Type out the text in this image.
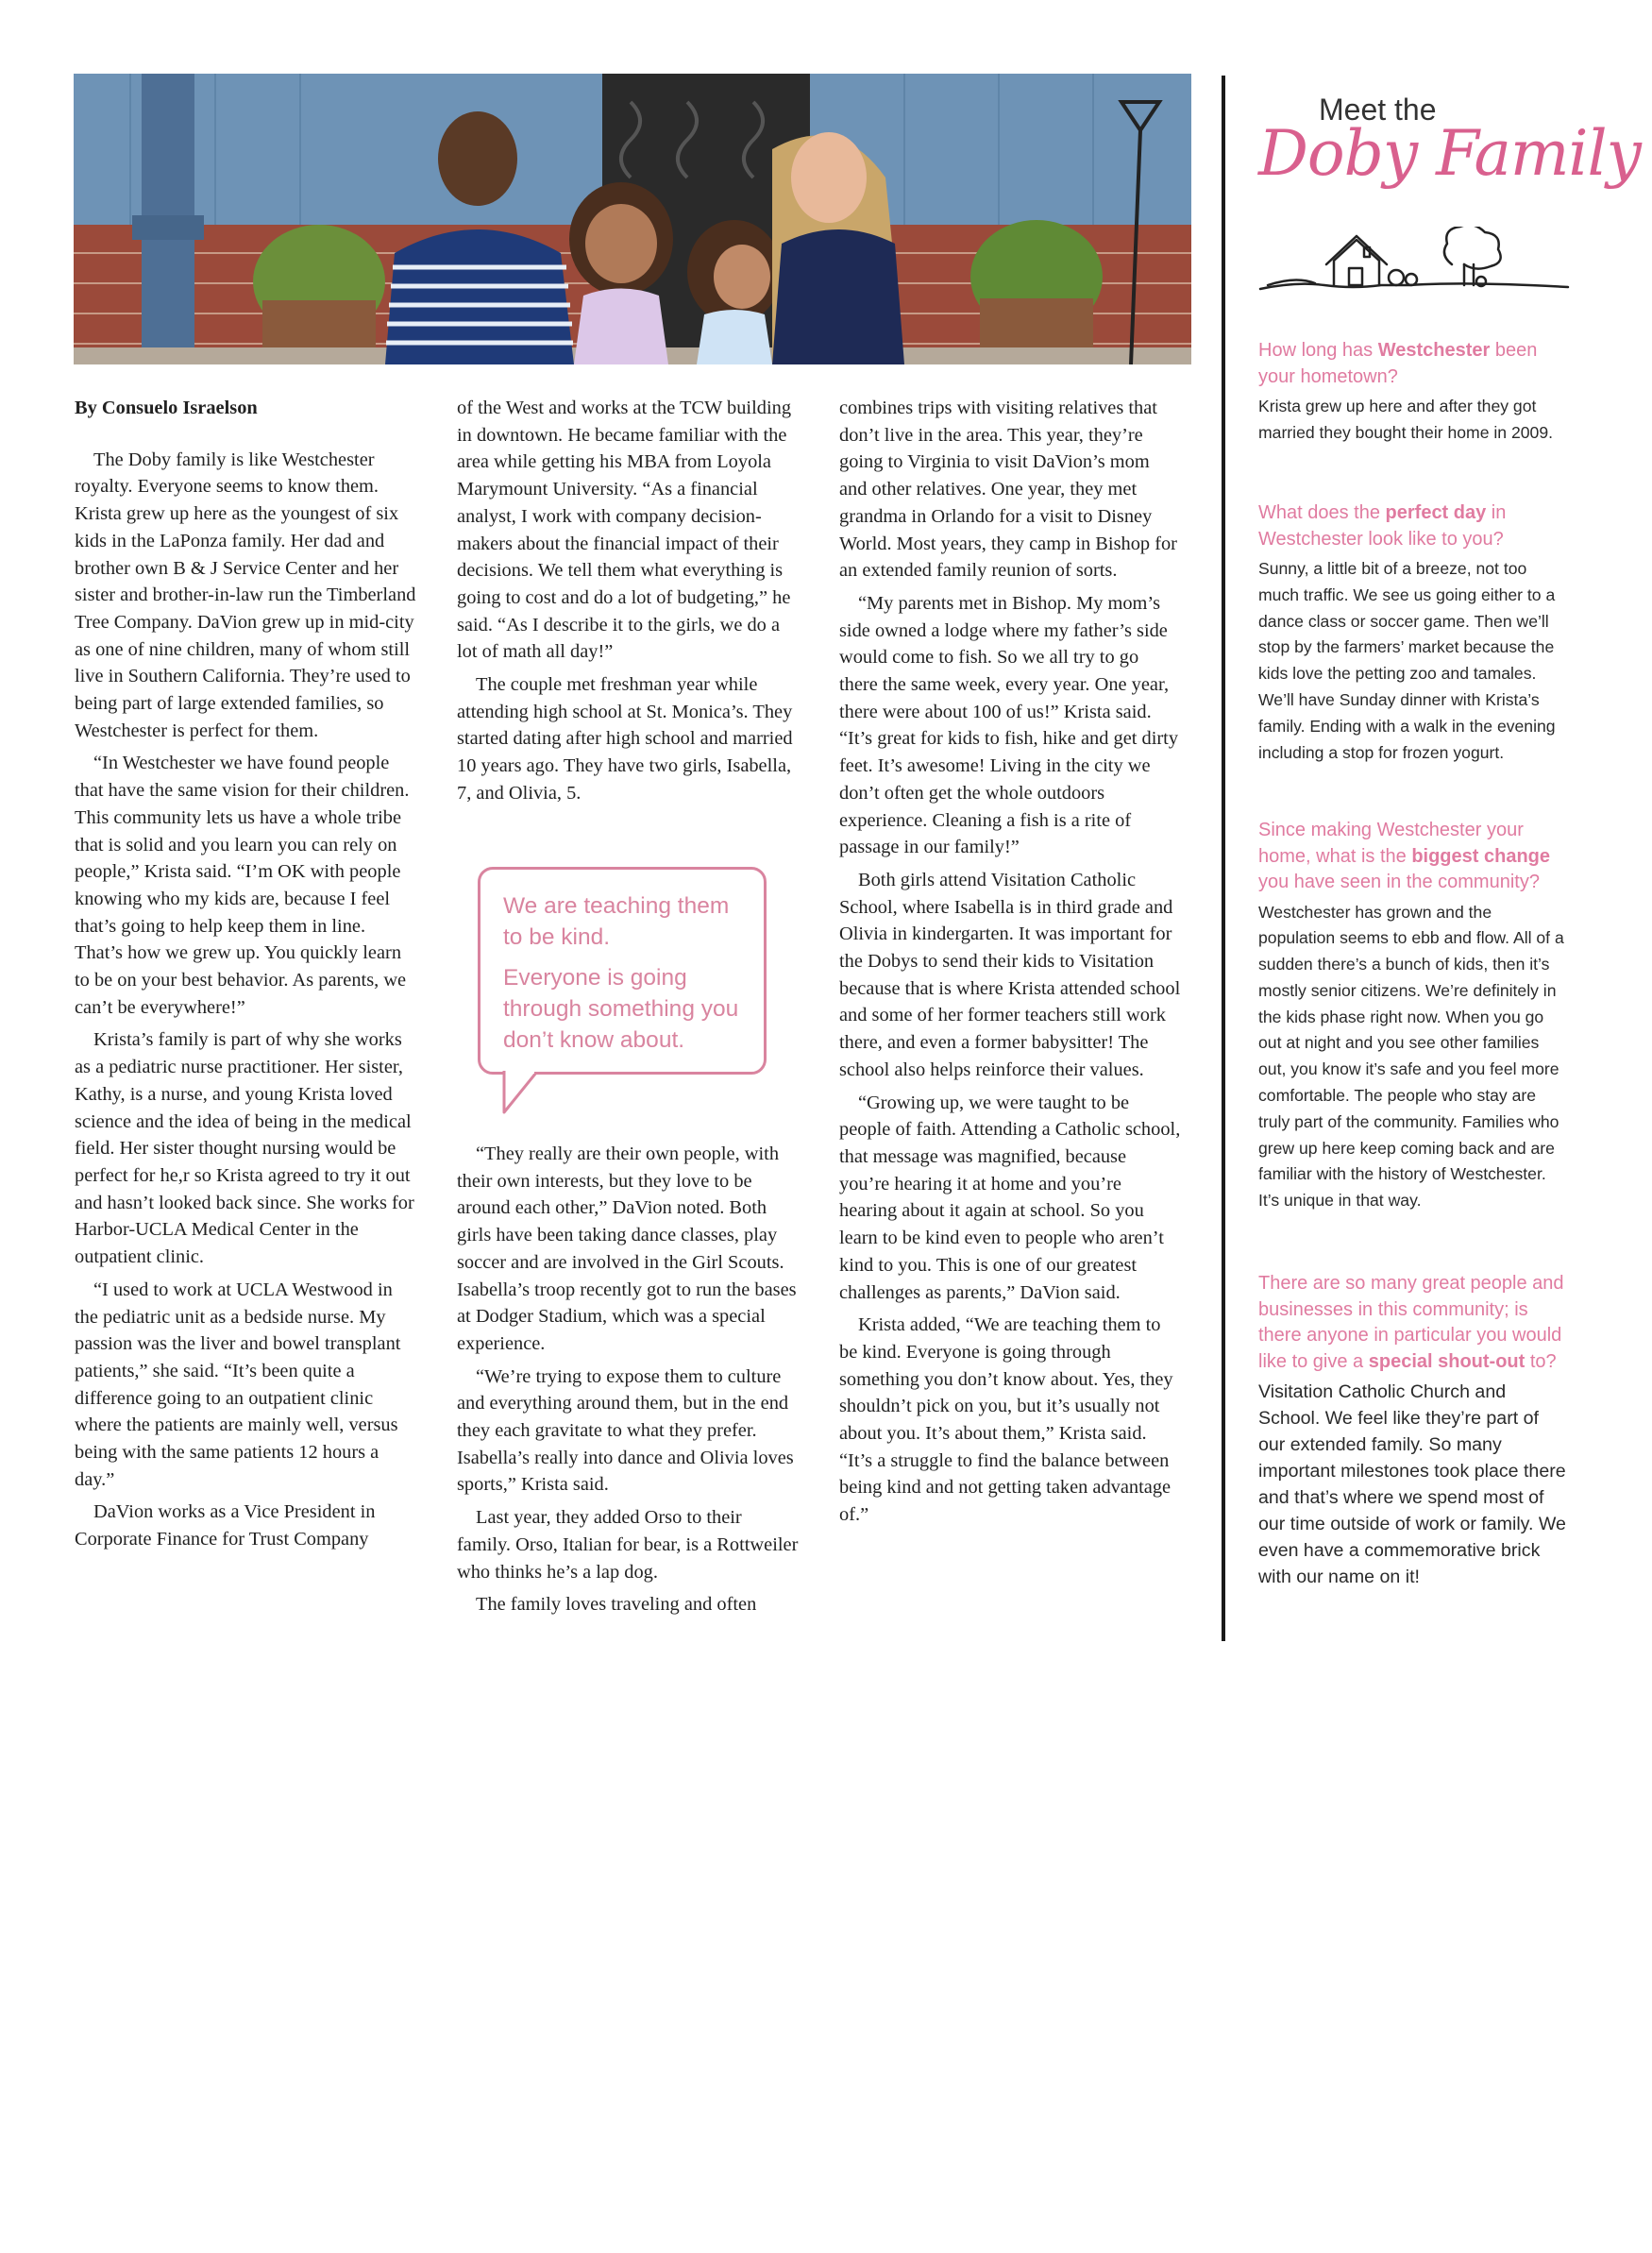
By Consuelo Israelson

The Doby family is like Westchester royalty. Everyone seems to know them. Krista grew up here as the youngest of six kids in the LaPonza family. Her dad and brother own B & J Service Center and her sister and brother-in-law run the Timberland Tree Company. DaVion grew up in mid-city as one of nine children, many of whom still live in Southern California. They’re used to being part of large extended families, so Westchester is perfect for them.

“In Westchester we have found people that have the same vision for their children. This community lets us have a whole tribe that is solid and you learn you can rely on people,” Krista said. “I’m OK with people knowing who my kids are, because I feel that’s going to help keep them in line. That’s how we grew up. You quickly learn to be on your best behavior. As parents, we can’t be everywhere!”

Krista’s family is part of why she works as a pediatric nurse practitioner. Her sister, Kathy, is a nurse, and young Krista loved science and the idea of being in the medical field. Her sister thought nursing would be perfect for he,r so Krista agreed to try it out and hasn’t looked back since. She works for Harbor-UCLA Medical Center in the outpatient clinic.

“I used to work at UCLA Westwood in the pediatric unit as a bedside nurse. My passion was the liver and bowel transplant patients,” she said. “It’s been quite a difference going to an outpatient clinic where the patients are mainly well, versus being with the same patients 12 hours a day.”

DaVion works as a Vice President in Corporate Finance for Trust Company

of the West and works at the TCW building in downtown. He became familiar with the area while getting his MBA from Loyola Marymount University. “As a financial analyst, I work with company decision-makers about the financial impact of their decisions. We tell them what everything is going to cost and do a lot of budgeting,” he said. “As I describe it to the girls, we do a lot of math all day!”

The couple met freshman year while attending high school at St. Monica’s. They started dating after high school and married 10 years ago. They have two girls, Isabella, 7, and Olivia, 5.

“They really are their own people, with their own interests, but they love to be around each other,” DaVion noted. Both girls have been taking dance classes, play soccer and are involved in the Girl Scouts. Isabella’s troop recently got to run the bases at Dodger Stadium, which was a special experience.

“We’re trying to expose them to culture and everything around them, but in the end they each gravitate to what they prefer. Isabella’s really into dance and Olivia loves sports,” Krista said.

Last year, they added Orso to their family. Orso, Italian for bear, is a Rottweiler who thinks he’s a lap dog.

The family loves traveling and often

We are teaching them to be kind.

Everyone is going through something you don’t know about.

combines trips with visiting relatives that don’t live in the area. This year, they’re going to Virginia to visit DaVion’s mom and other relatives. One year, they met grandma in Orlando for a visit to Disney World. Most years, they camp in Bishop for an extended family reunion of sorts.

“My parents met in Bishop. My mom’s side owned a lodge where my father’s side would come to fish. So we all try to go there the same week, every year. One year, there were about 100 of us!” Krista said. “It’s great for kids to fish, hike and get dirty feet. It’s awesome! Living in the city we don’t often get the whole outdoors experience. Cleaning a fish is a rite of passage in our family!”

Both girls attend Visitation Catholic School, where Isabella is in third grade and Olivia in kindergarten. It was important for the Dobys to send their kids to Visitation because that is where Krista attended school and some of her former teachers still work there, and even a former babysitter! The school also helps reinforce their values.

“Growing up, we were taught to be people of faith. Attending a Catholic school, that message was magnified, because you’re hearing it at home and you’re hearing about it again at school. So you learn to be kind even to people who aren’t kind to you. This is one of our greatest challenges as parents,” DaVion said.

Krista added, “We are teaching them to be kind. Everyone is going through something you don’t know about. Yes, they shouldn’t pick on you, but it’s usually not about you. It’s about them,” Krista said. “It’s a struggle to find the balance between being kind and not getting taken advantage of.”

Meet the
Doby Family

How long has Westchester been your hometown?

Krista grew up here and after they got married they bought their home in 2009.

What does the perfect day in Westchester look like to you?

Sunny, a little bit of a breeze, not too much traffic. We see us going either to a dance class or soccer game. Then we’ll stop by the farmers’ market because the kids love the petting zoo and tamales. We’ll have Sunday dinner with Krista’s family. Ending with a walk in the evening including a stop for frozen yogurt.

Since making Westchester your home, what is the biggest change you have seen in the community?

Westchester has grown and the population seems to ebb and flow. All of a sudden there’s a bunch of kids, then it’s mostly senior citizens. We’re definitely in the kids phase right now. When you go out at night and you see other families out, you know it’s safe and you feel more comfortable. The people who stay are truly part of the community. Families who grew up here keep coming back and are familiar with the history of Westchester. It’s unique in that way.

There are so many great people and businesses in this community; is there anyone in particular you would like to give a special shout-out to?

Visitation Catholic Church and School. We feel like they’re part of our extended family. So many important milestones took place there and that’s where we spend most of our time outside of work or family. We even have a commemorative brick with our name on it!
